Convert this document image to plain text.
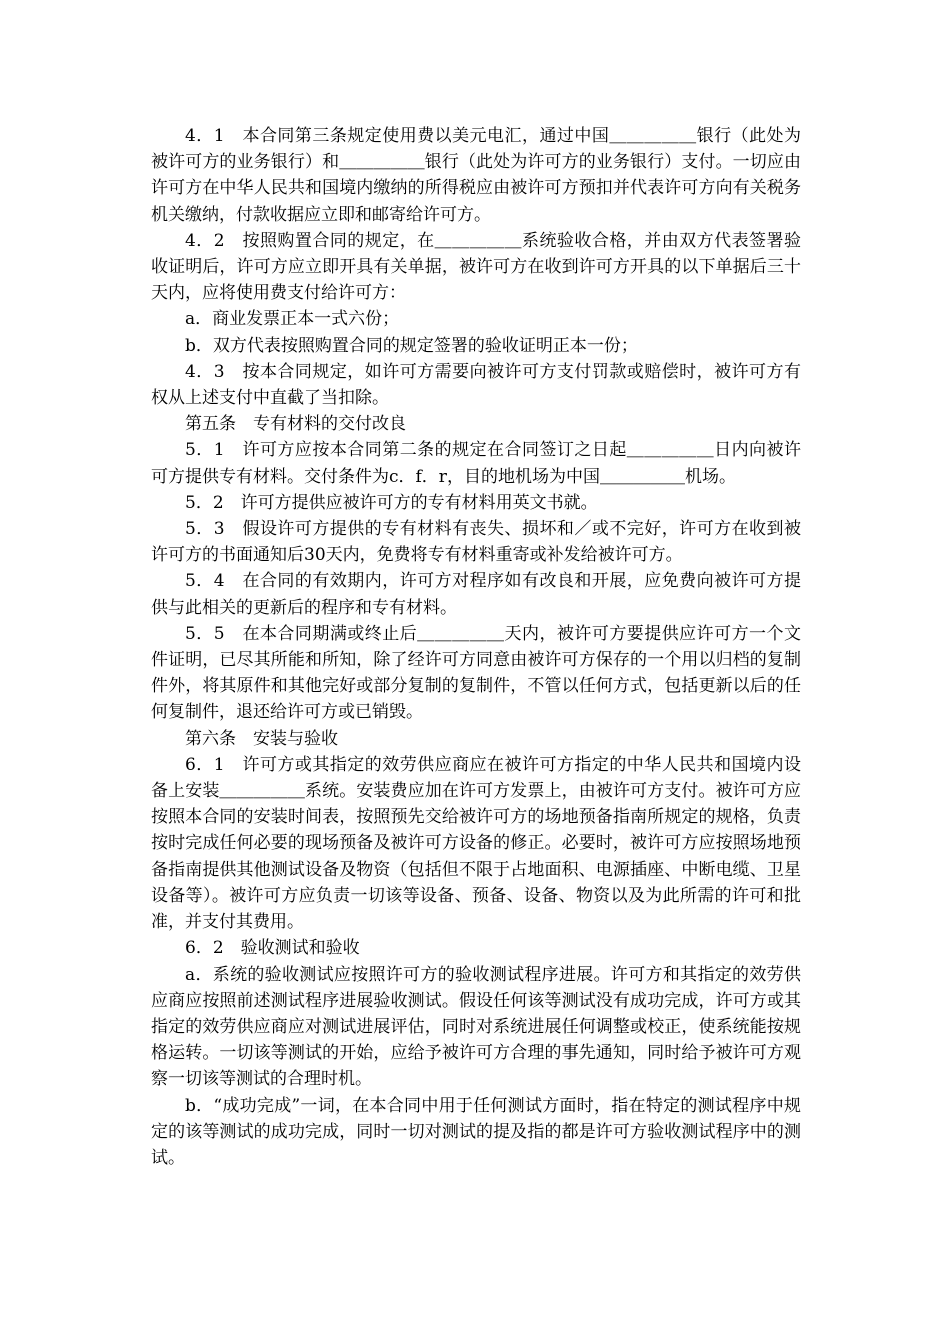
4．1　本合同第三条规定使用费以美元电汇，通过中国＿＿＿＿＿银行（此处为被许可方的业务银行）和＿＿＿＿＿银行（此处为许可方的业务银行）支付。一切应由许可方在中华人民共和国境内缴纳的所得税应由被许可方预扣并代表许可方向有关税务机关缴纳，付款收据应立即和邮寄给许可方。

4．2　按照购置合同的规定，在＿＿＿＿＿系统验收合格，并由双方代表签署验收证明后，许可方应立即开具有关单据，被许可方在收到许可方开具的以下单据后三十天内，应将使用费支付给许可方：

a．商业发票正本一式六份；

b．双方代表按照购置合同的规定签署的验收证明正本一份；

4．3　按本合同规定，如许可方需要向被许可方支付罚款或赔偿时，被许可方有权从上述支付中直截了当扣除。

第五条　专有材料的交付改良

5．1　许可方应按本合同第二条的规定在合同签订之日起＿＿＿＿＿日内向被许可方提供专有材料。交付条件为c．f．r，目的地机场为中国＿＿＿＿＿机场。

5．2　许可方提供应被许可方的专有材料用英文书就。

5．3　假设许可方提供的专有材料有丧失、损坏和／或不完好，许可方在收到被许可方的书面通知后30天内，免费将专有材料重寄或补发给被许可方。

5．4　在合同的有效期内，许可方对程序如有改良和开展，应免费向被许可方提供与此相关的更新后的程序和专有材料。

5．5　在本合同期满或终止后＿＿＿＿＿天内，被许可方要提供应许可方一个文件证明，已尽其所能和所知，除了经许可方同意由被许可方保存的一个用以归档的复制件外，将其原件和其他完好或部分复制的复制件，不管以任何方式，包括更新以后的任何复制件，退还给许可方或已销毁。

第六条　安装与验收

6．1　许可方或其指定的效劳供应商应在被许可方指定的中华人民共和国境内设备上安装＿＿＿＿＿系统。安装费应加在许可方发票上，由被许可方支付。被许可方应按照本合同的安装时间表，按照预先交给被许可方的场地预备指南所规定的规格，负责按时完成任何必要的现场预备及被许可方设备的修正。必要时，被许可方应按照场地预备指南提供其他测试设备及物资（包括但不限于占地面积、电源插座、中断电缆、卫星设备等）。被许可方应负责一切该等设备、预备、设备、物资以及为此所需的许可和批准，并支付其费用。

6．2　验收测试和验收

a．系统的验收测试应按照许可方的验收测试程序进展。许可方和其指定的效劳供应商应按照前述测试程序进展验收测试。假设任何该等测试没有成功完成，许可方或其指定的效劳供应商应对测试进展评估，同时对系统进展任何调整或校正，使系统能按规格运转。一切该等测试的开始，应给予被许可方合理的事先通知，同时给予被许可方观察一切该等测试的合理时机。

b．“成功完成”一词，在本合同中用于任何测试方面时，指在特定的测试程序中规定的该等测试的成功完成，同时一切对测试的提及指的都是许可方验收测试程序中的测试。
